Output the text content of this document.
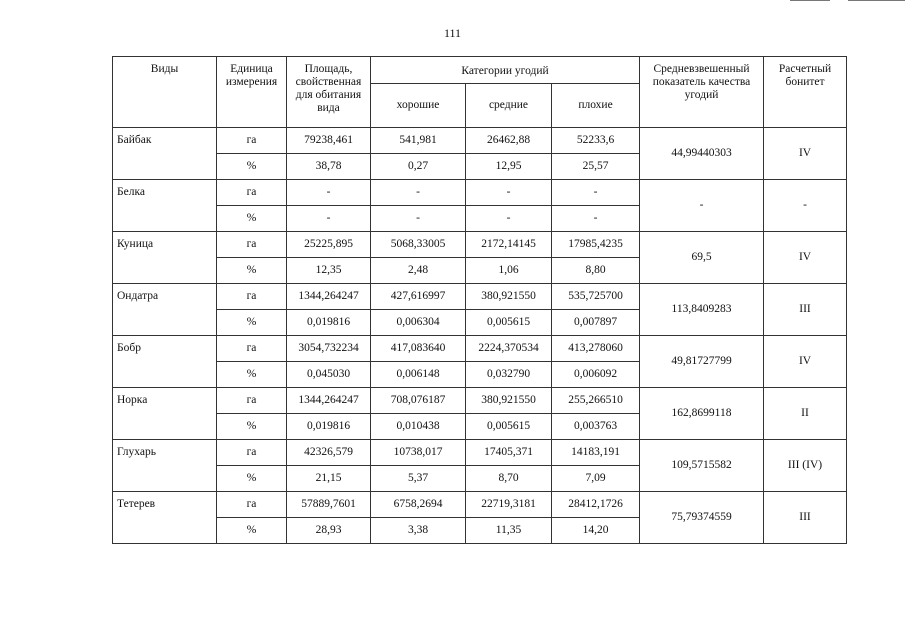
111
Виды	Единица измерения	Площадь, свойственная для обитания вида	Категории угодий			Средневзвешенный показатель качества угодий	Расчетный бонитет
			хорошие	средние	плохие		
Байбак	га	79238,461	541,981	26462,88	52233,6	44,99440303	IV
	%	38,78	0,27	12,95	25,57		
Белка	га	-	-	-	-	-	-
	%	-	-	-	-		
Куница	га	25225,895	5068,33005	2172,14145	17985,4235	69,5	IV
	%	12,35	2,48	1,06	8,80		
Ондатра	га	1344,264247	427,616997	380,921550	535,725700	113,8409283	III
	%	0,019816	0,006304	0,005615	0,007897		
Бобр	га	3054,732234	417,083640	2224,370534	413,278060	49,81727799	IV
	%	0,045030	0,006148	0,032790	0,006092		
Норка	га	1344,264247	708,076187	380,921550	255,266510	162,8699118	II
	%	0,019816	0,010438	0,005615	0,003763		
Глухарь	га	42326,579	10738,017	17405,371	14183,191	109,5715582	III (IV)
	%	21,15	5,37	8,70	7,09		
Тетерев	га	57889,7601	6758,2694	22719,3181	28412,1726	75,79374559	III
	%	28,93	3,38	11,35	14,20		
